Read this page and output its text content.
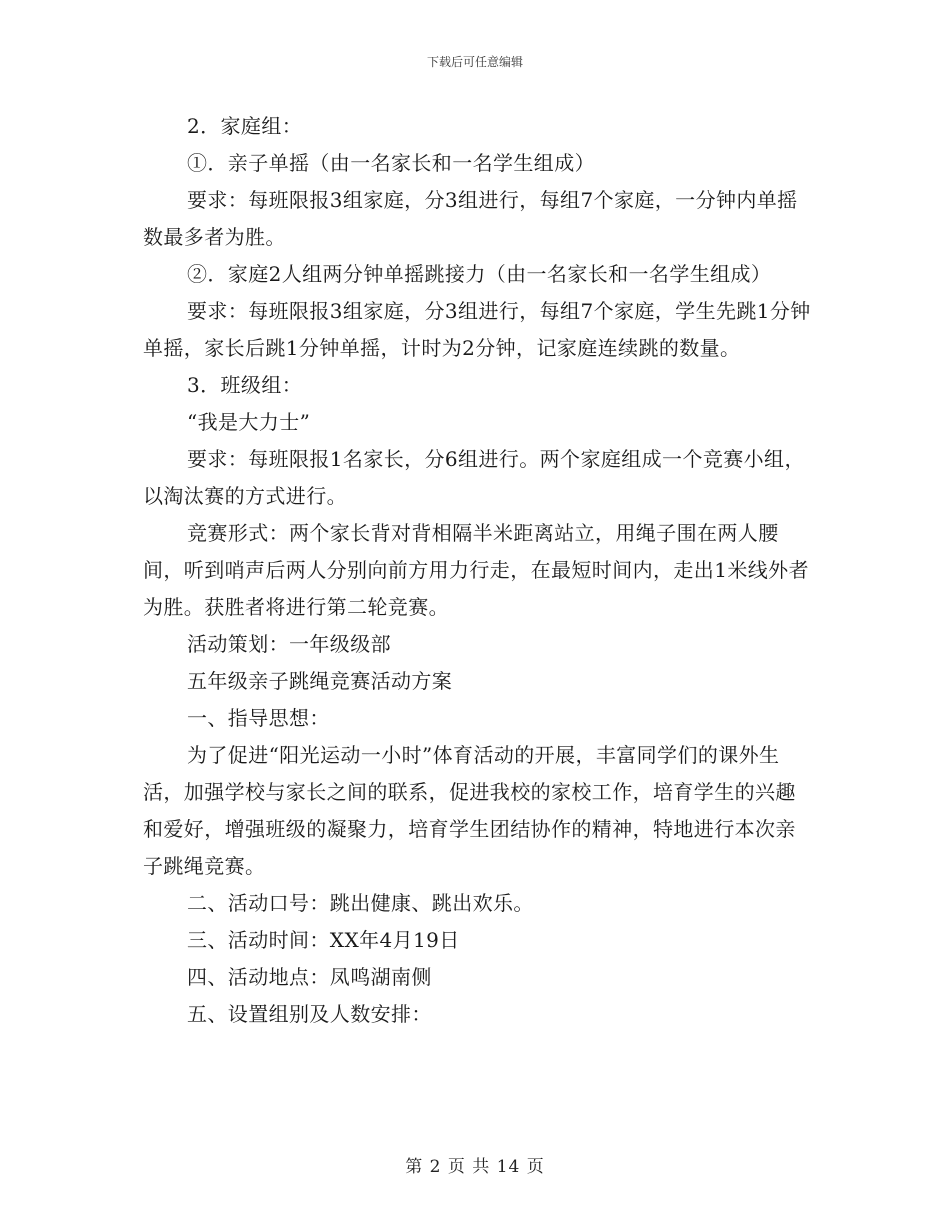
下载后可任意编辑

2．家庭组：

①．亲子单摇（由一名家长和一名学生组成）

要求：每班限报3组家庭，分3组进行，每组7个家庭，一分钟内单摇数最多者为胜。

②．家庭2人组两分钟单摇跳接力（由一名家长和一名学生组成）

要求：每班限报3组家庭，分3组进行，每组7个家庭，学生先跳1分钟单摇，家长后跳1分钟单摇，计时为2分钟，记家庭连续跳的数量。

3．班级组：

“我是大力士”

要求：每班限报1名家长，分6组进行。两个家庭组成一个竞赛小组，以淘汰赛的方式进行。

竞赛形式：两个家长背对背相隔半米距离站立，用绳子围在两人腰间，听到哨声后两人分别向前方用力行走，在最短时间内，走出1米线外者为胜。获胜者将进行第二轮竞赛。

活动策划：一年级级部

五年级亲子跳绳竞赛活动方案

一、指导思想：

为了促进“阳光运动一小时”体育活动的开展，丰富同学们的课外生活，加强学校与家长之间的联系，促进我校的家校工作，培育学生的兴趣和爱好，增强班级的凝聚力，培育学生团结协作的精神，特地进行本次亲子跳绳竞赛。

二、活动口号：跳出健康、跳出欢乐。

三、活动时间：XX年4月19日

四、活动地点：凤鸣湖南侧

五、设置组别及人数安排：

第 2 页 共 14 页
